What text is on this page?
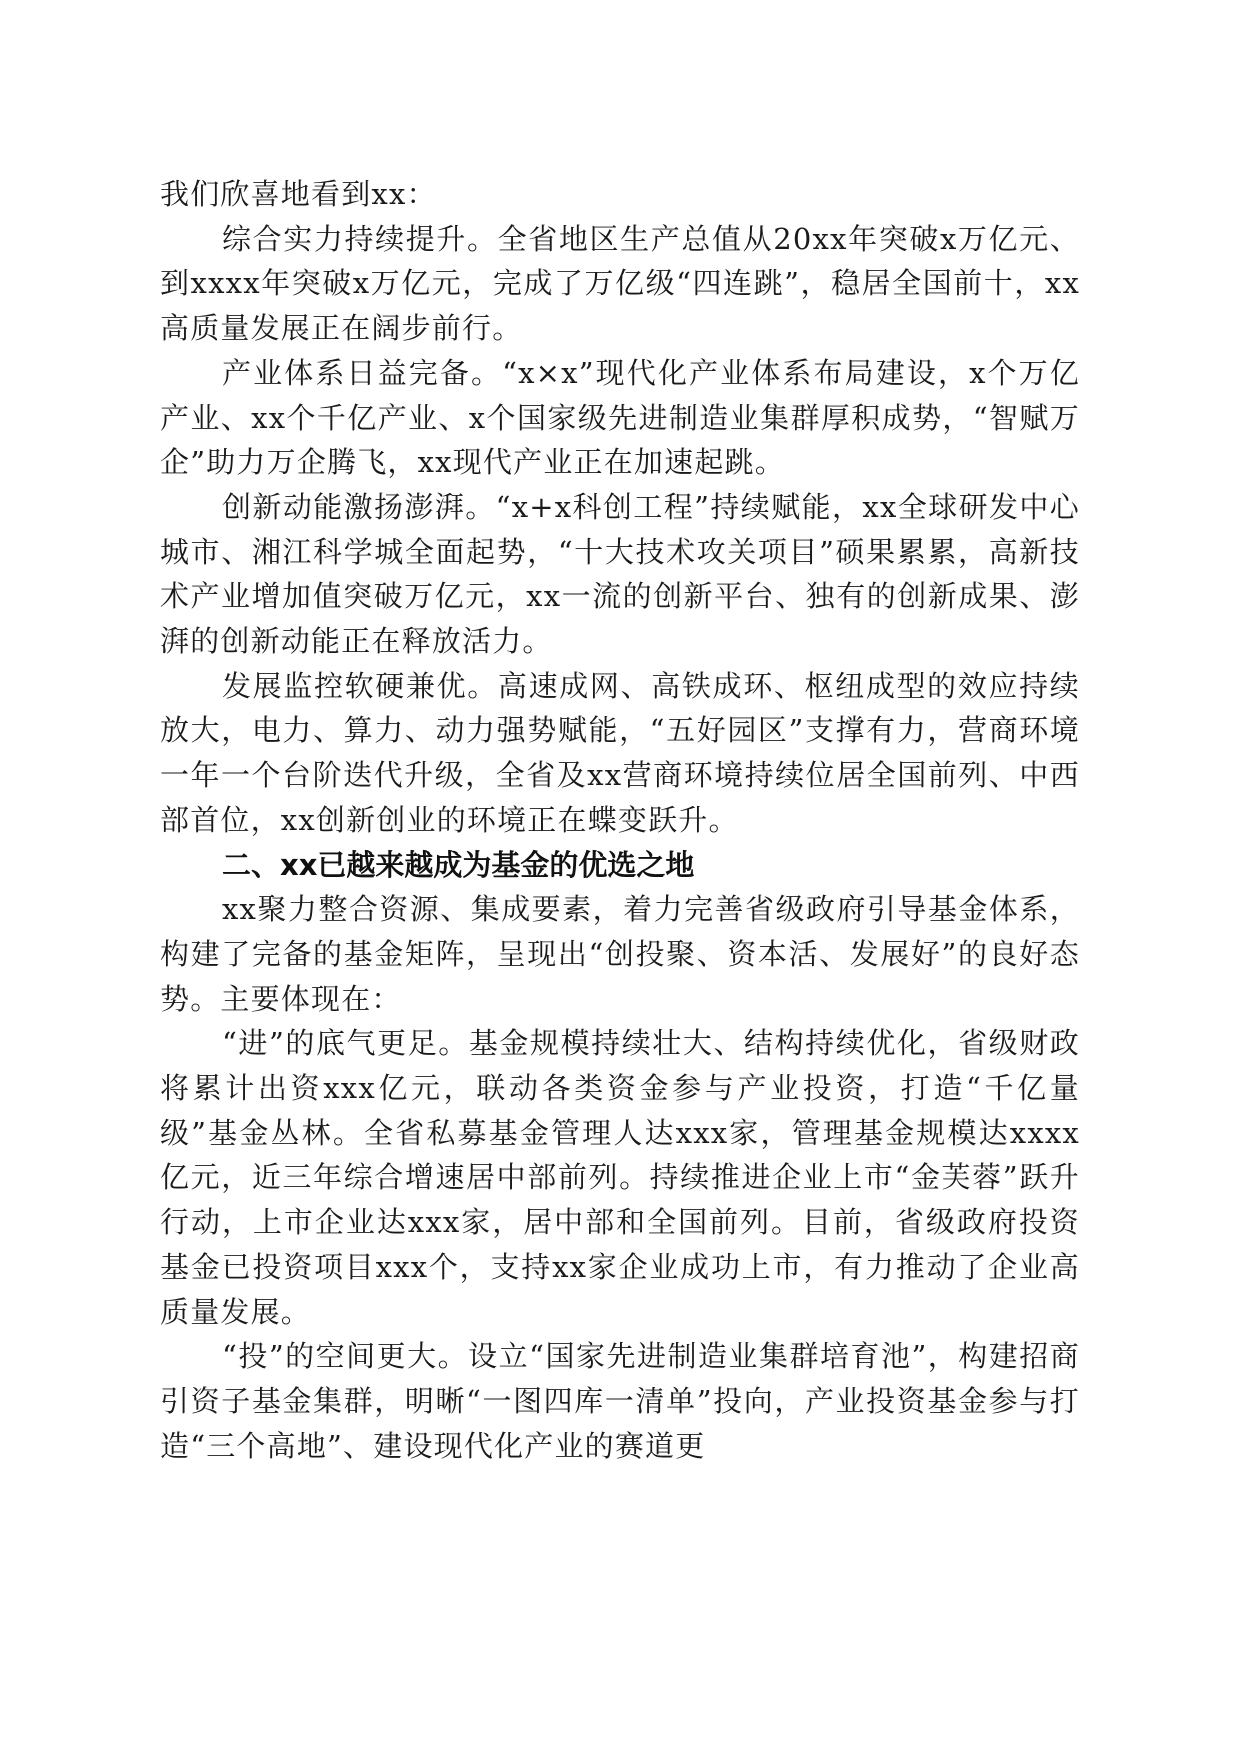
我们欣喜地看到xx：

综合实力持续提升。全省地区生产总值从20xx年突破x万亿元、到xxxx年突破x万亿元，完成了万亿级“四连跳”，稳居全国前十，xx高质量发展正在阔步前行。

产业体系日益完备。“x×x”现代化产业体系布局建设，x个万亿产业、xx个千亿产业、x个国家级先进制造业集群厚积成势，“智赋万企”助力万企腾飞，xx现代产业正在加速起跳。

创新动能激扬澎湃。“x+x科创工程”持续赋能，xx全球研发中心城市、湘江科学城全面起势，“十大技术攻关项目”硕果累累，高新技术产业增加值突破万亿元，xx一流的创新平台、独有的创新成果、澎湃的创新动能正在释放活力。

发展监控软硬兼优。高速成网、高铁成环、枢纽成型的效应持续放大，电力、算力、动力强势赋能，“五好园区”支撑有力，营商环境一年一个台阶迭代升级，全省及xx营商环境持续位居全国前列、中西部首位，xx创新创业的环境正在蝶变跃升。

二、xx已越来越成为基金的优选之地

xx聚力整合资源、集成要素，着力完善省级政府引导基金体系，构建了完备的基金矩阵，呈现出“创投聚、资本活、发展好”的良好态势。主要体现在：

“进”的底气更足。基金规模持续壮大、结构持续优化，省级财政将累计出资xxx亿元，联动各类资金参与产业投资，打造“千亿量级”基金丛林。全省私募基金管理人达xxx家，管理基金规模达xxxx亿元，近三年综合增速居中部前列。持续推进企业上市“金芙蓉”跃升行动，上市企业达xxx家，居中部和全国前列。目前，省级政府投资基金已投资项目xxx个，支持xx家企业成功上市，有力推动了企业高质量发展。

“投”的空间更大。设立“国家先进制造业集群培育池”，构建招商引资子基金集群，明晰“一图四库一清单”投向，产业投资基金参与打造“三个高地”、建设现代化产业的赛道更
